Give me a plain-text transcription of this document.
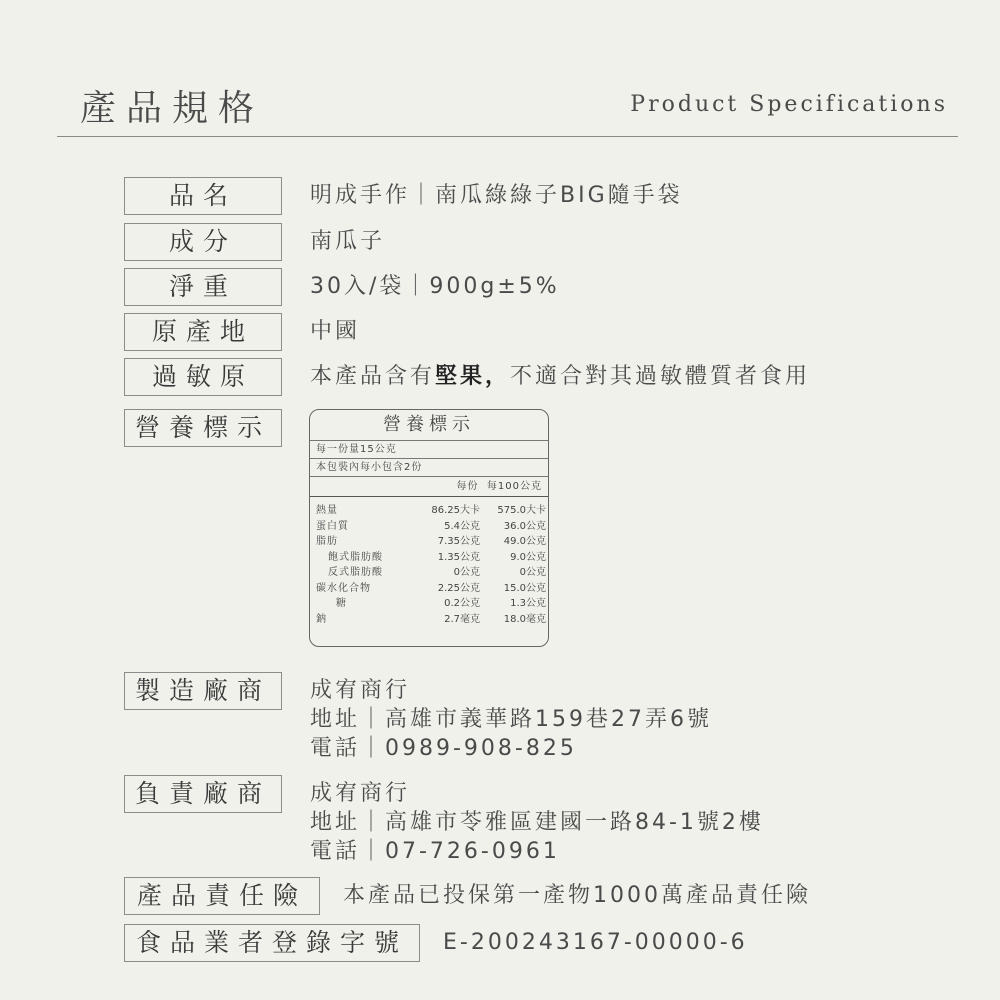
產品規格	Product Specifications
品名	明成手作｜南瓜綠綠子BIG隨手袋
成分	南瓜子
淨重	30入/袋｜900g±5%
原產地	中國
過敏原	本產品含有堅果，不適合對其過敏體質者食用
營養標示	營養標示
每一份量15公克
本包裝內每小包含2份
每份  每100公克
熱量	86.25大卡	575.0大卡
蛋白質	5.4公克	36.0公克
脂肪	7.35公克	49.0公克
飽式脂肪酸	1.35公克	9.0公克
反式脂肪酸	0公克	0公克
碳水化合物	2.25公克	15.0公克
糖	0.2公克	1.3公克
鈉	2.7毫克	18.0毫克
製造廠商	成宥商行
地址｜高雄市義華路159巷27弄6號
電話｜0989-908-825
負責廠商	成宥商行
地址｜高雄市苓雅區建國一路84-1號2樓
電話｜07-726-0961
產品責任險	本產品已投保第一產物1000萬產品責任險
食品業者登錄字號	E-200243167-00000-6
